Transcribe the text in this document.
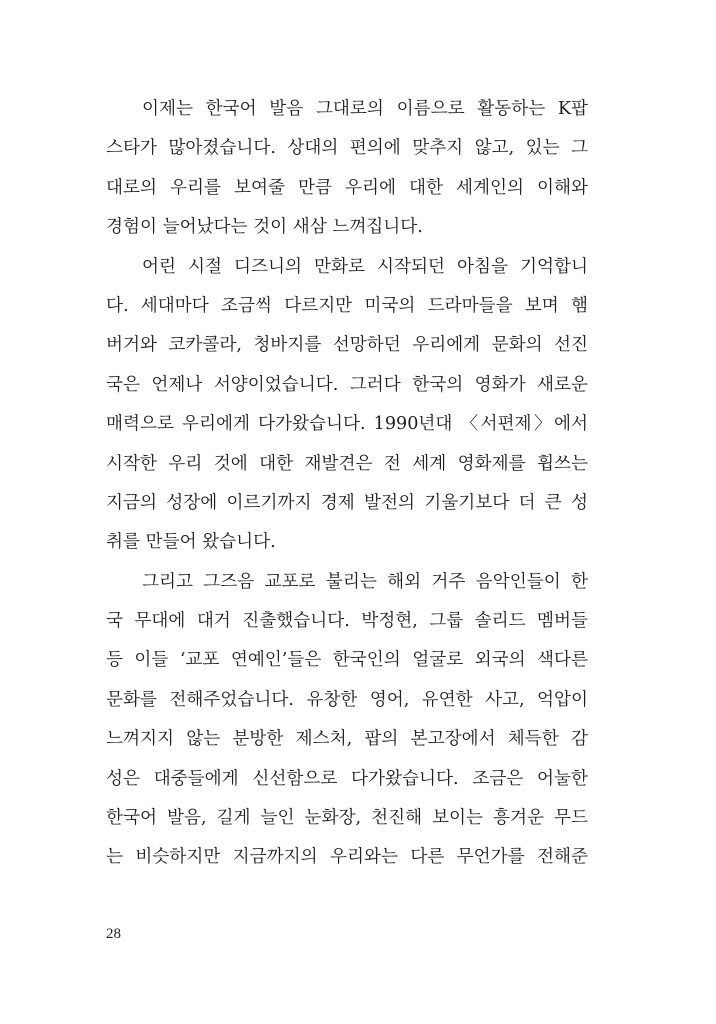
이제는 한국어 발음 그대로의 이름으로 활동하는 K팝
스타가 많아졌습니다. 상대의 편의에 맞추지 않고, 있는 그
대로의 우리를 보여줄 만큼 우리에 대한 세계인의 이해와
경험이 늘어났다는 것이 새삼 느껴집니다.
어린 시절 디즈니의 만화로 시작되던 아침을 기억합니
다. 세대마다 조금씩 다르지만 미국의 드라마들을 보며 햄
버거와 코카콜라, 청바지를 선망하던 우리에게 문화의 선진
국은 언제나 서양이었습니다. 그러다 한국의 영화가 새로운
매력으로 우리에게 다가왔습니다. 1990년대 〈서편제〉에서
시작한 우리 것에 대한 재발견은 전 세계 영화제를 휩쓰는
지금의 성장에 이르기까지 경제 발전의 기울기보다 더 큰 성
취를 만들어 왔습니다.
그리고 그즈음 교포로 불리는 해외 거주 음악인들이 한
국 무대에 대거 진출했습니다. 박정현, 그룹 솔리드 멤버들
등 이들 ‘교포 연예인’들은 한국인의 얼굴로 외국의 색다른
문화를 전해주었습니다. 유창한 영어, 유연한 사고, 억압이
느껴지지 않는 분방한 제스처, 팝의 본고장에서 체득한 감
성은 대중들에게 신선함으로 다가왔습니다. 조금은 어눌한
한국어 발음, 길게 늘인 눈화장, 천진해 보이는 흥겨운 무드
는 비슷하지만 지금까지의 우리와는 다른 무언가를 전해준
28
